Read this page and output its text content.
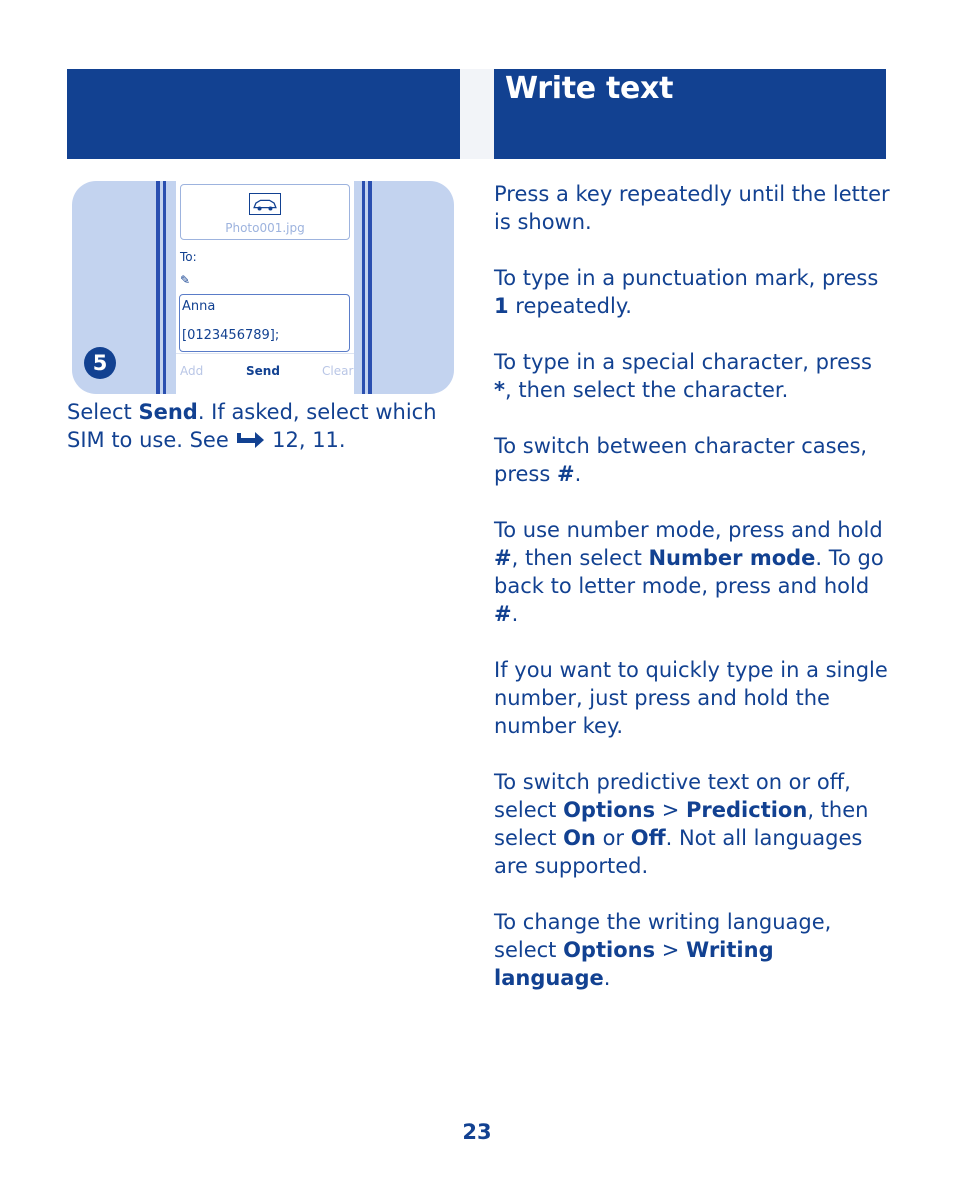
Write text
Photo001.jpg
To:
✎
Anna
[0123456789];
Add	Send	Clear
5
Select Send. If asked, select which SIM to use. See  12, 11.

Press a key repeatedly until the letter is shown.

To type in a punctuation mark, press 1 repeatedly.

To type in a special character, press *, then select the character.

To switch between character cases, press #.

To use number mode, press and hold #, then select Number mode. To go back to letter mode, press and hold #.

If you want to quickly type in a single number, just press and hold the number key.

To switch predictive text on or off, select Options > Prediction, then select On or Off. Not all languages are supported.

To change the writing language, select Options > Writing language.

23
